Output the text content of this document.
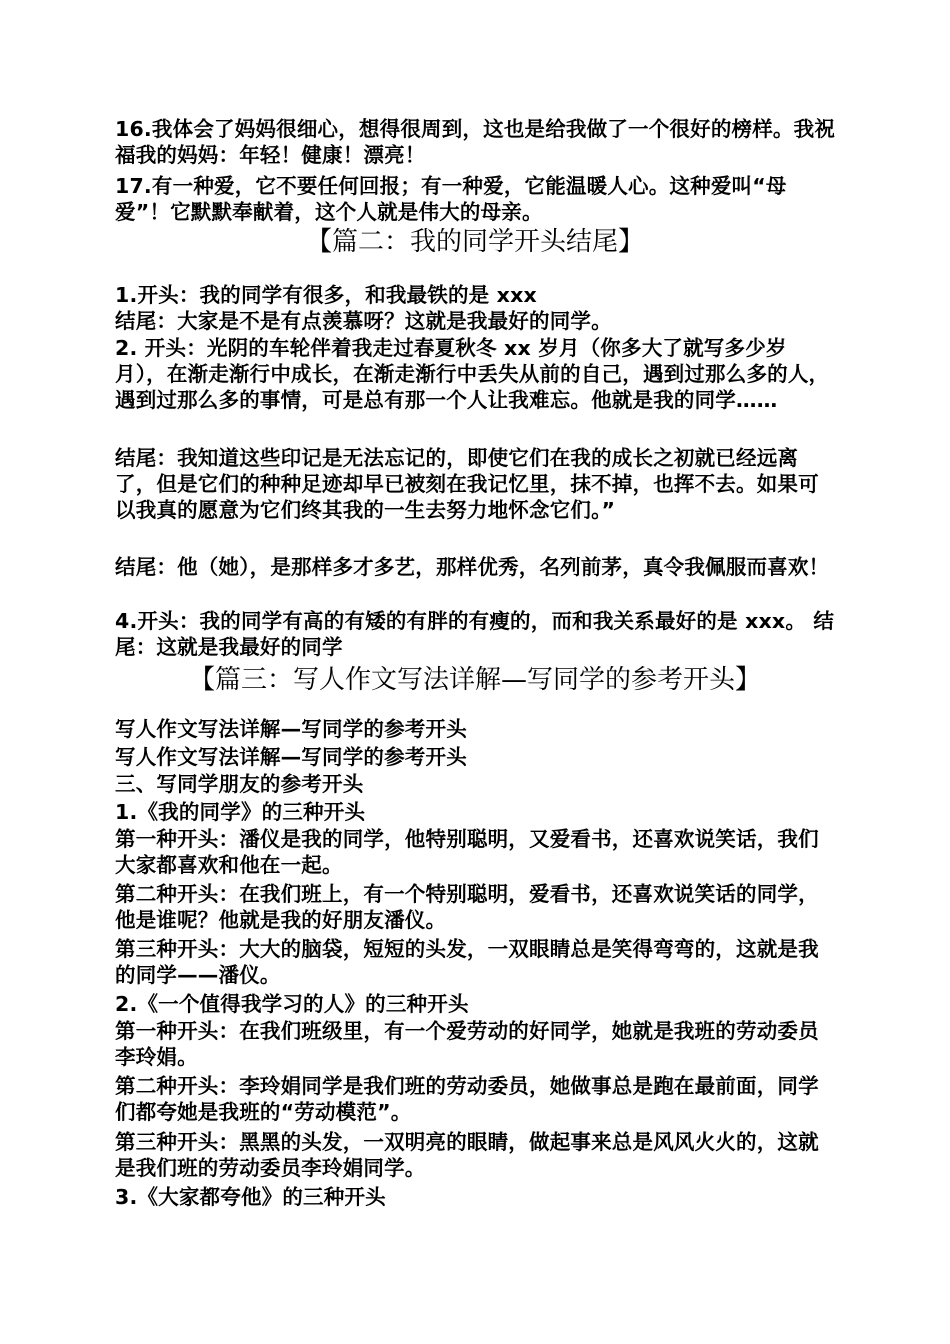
16.我体会了妈妈很细心，想得很周到，这也是给我做了一个很好的榜样。我祝福我的妈妈：年轻！健康！漂亮！
17.有一种爱，它不要任何回报；有一种爱，它能温暖人心。这种爱叫“母爱”！它默默奉献着，这个人就是伟大的母亲。
【篇二：我的同学开头结尾】
1.开头：我的同学有很多，和我最铁的是 xxx
结尾：大家是不是有点羡慕呀？这就是我最好的同学。
2. 开头：光阴的车轮伴着我走过春夏秋冬 xx 岁月（你多大了就写多少岁月），在渐走渐行中成长，在渐走渐行中丢失从前的自己，遇到过那么多的人，遇到过那么多的事情，可是总有那一个人让我难忘。他就是我的同学……
结尾：我知道这些印记是无法忘记的，即使它们在我的成长之初就已经远离了，但是它们的种种足迹却早已被刻在我记忆里，抹不掉，也挥不去。如果可以我真的愿意为它们终其我的一生去努力地怀念它们。”
结尾：他（她），是那样多才多艺，那样优秀，名列前茅，真令我佩服而喜欢！
4.开头：我的同学有高的有矮的有胖的有瘦的，而和我关系最好的是 xxx。 结尾：这就是我最好的同学
【篇三：写人作文写法详解—写同学的参考开头】
写人作文写法详解—写同学的参考开头
写人作文写法详解—写同学的参考开头
三、写同学朋友的参考开头
1.《我的同学》的三种开头
第一种开头：潘仪是我的同学，他特别聪明，又爱看书，还喜欢说笑话，我们大家都喜欢和他在一起。
第二种开头：在我们班上，有一个特别聪明，爱看书，还喜欢说笑话的同学，他是谁呢？他就是我的好朋友潘仪。
第三种开头：大大的脑袋，短短的头发，一双眼睛总是笑得弯弯的，这就是我的同学——潘仪。
2.《一个值得我学习的人》的三种开头
第一种开头：在我们班级里，有一个爱劳动的好同学，她就是我班的劳动委员李玲娟。
第二种开头：李玲娟同学是我们班的劳动委员，她做事总是跑在最前面，同学们都夸她是我班的“劳动模范”。
第三种开头：黑黑的头发，一双明亮的眼睛，做起事来总是风风火火的，这就是我们班的劳动委员李玲娟同学。
3.《大家都夸他》的三种开头
